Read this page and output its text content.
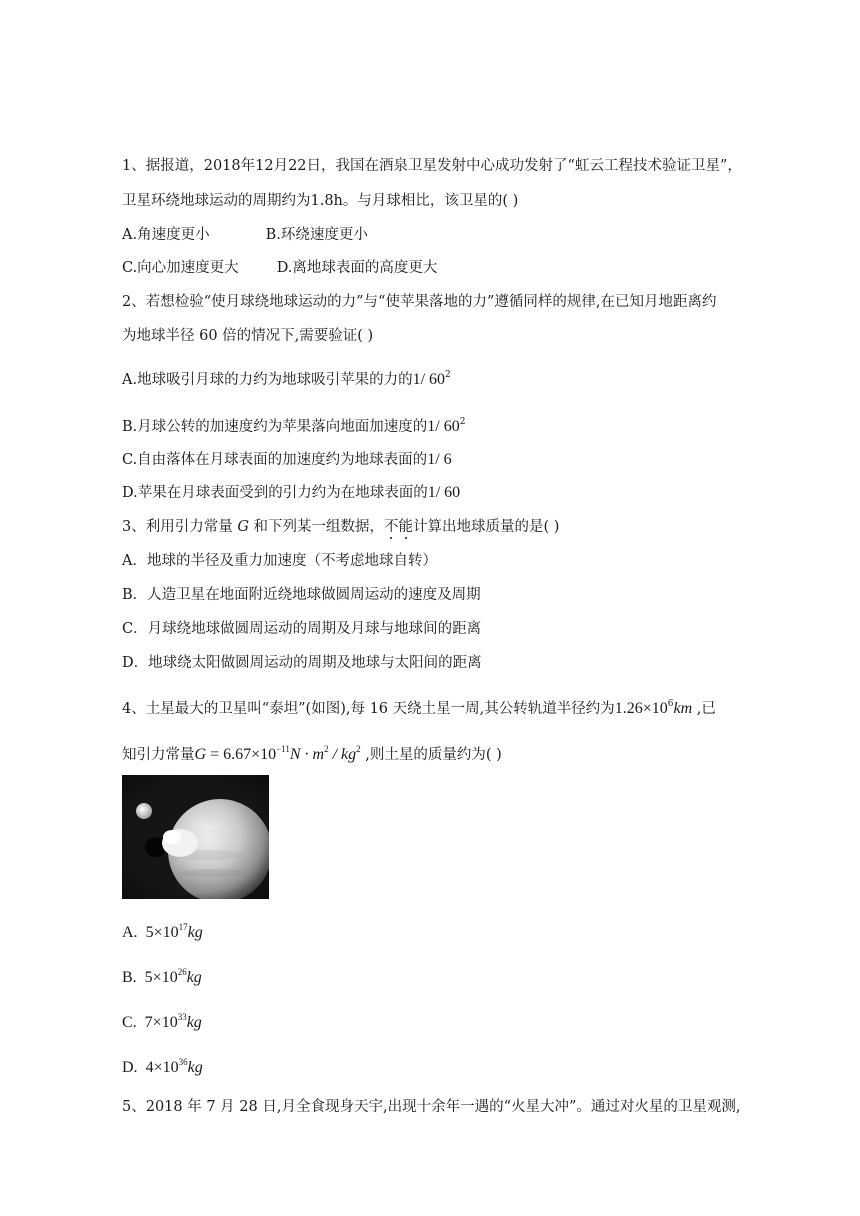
1、据报道，2018年12月22日，我国在酒泉卫星发射中心成功发射了“虹云工程技术验证卫星”，
卫星环绕地球运动的周期约为1.8h。与月球相比，该卫星的( )
A.角速度更小	B.环绕速度更小
C.向心加速度更大	D.离地球表面的高度更大
2、若想检验“使月球绕地球运动的力”与“使苹果落地的力”遵循同样的规律,在已知月地距离约
为地球半径 60 倍的情况下,需要验证( )
A.地球吸引月球的力约为地球吸引苹果的力的1/ $60^2$
B.月球公转的加速度约为苹果落向地面加速度的1/ $60^2$
C.自由落体在月球表面的加速度约为地球表面的1/ 6
D.苹果在月球表面受到的引力约为在地球表面的1/ 60
3、利用引力常量 G 和下列某一组数据，不能计算出地球质量的是( )
A．地球的半径及重力加速度（不考虑地球自转）
B．人造卫星在地面附近绕地球做圆周运动的速度及周期
C．月球绕地球做圆周运动的周期及月球与地球间的距离
D．地球绕太阳做圆周运动的周期及地球与太阳间的距离
4、土星最大的卫星叫“泰坦”(如图),每 16 天绕土星一周,其公转轨道半径约为$1.26\times 10^6km$ ,已
知引力常量$G = 6.67\times 10^{-11}N \cdot m^2 / kg^2$ ,则土星的质量约为( )
A. $5\times 10^{17}kg$
B. $5\times 10^{26}kg$
C. $7\times 10^{33}kg$
D. $4\times 10^{36}kg$
5、2018 年 7 月 28 日,月全食现身天宇,出现十余年一遇的“火星大冲”。通过对火星的卫星观测,
